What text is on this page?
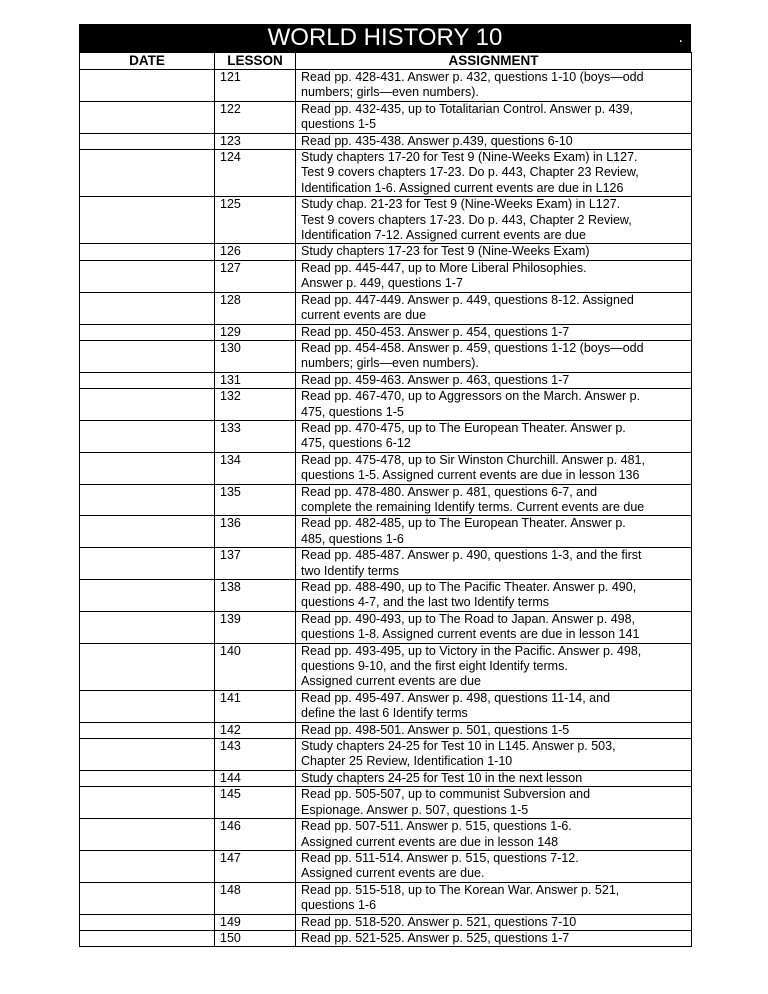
WORLD HISTORY 10	.
DATE	LESSON	ASSIGNMENT
	121	Read pp. 428-431. Answer p. 432, questions 1-10 (boys—odd
numbers; girls—even numbers).

	122	Read pp. 432-435, up to Totalitarian Control. Answer p. 439,
questions 1-5

	123	Read pp. 435-438. Answer p.439, questions 6-10

	124	Study chapters 17-20 for Test 9 (Nine-Weeks Exam) in L127.
Test 9 covers chapters 17-23. Do p. 443, Chapter 23 Review,
Identification 1-6. Assigned current events are due in L126

	125	Study chap. 21-23 for Test 9 (Nine-Weeks Exam) in L127.
Test 9 covers chapters 17-23. Do p. 443, Chapter 2 Review,
Identification 7-12. Assigned current events are due

	126	Study chapters 17-23 for Test 9 (Nine-Weeks Exam)

	127	Read pp. 445-447, up to More Liberal Philosophies.
Answer p. 449, questions 1-7

	128	Read pp. 447-449. Answer p. 449, questions 8-12. Assigned
current events are due

	129	Read pp. 450-453. Answer p. 454, questions 1-7

	130	Read pp. 454-458. Answer p. 459, questions 1-12 (boys—odd
numbers; girls—even numbers).

	131	Read pp. 459-463. Answer p. 463, questions 1-7

	132	Read pp. 467-470, up to Aggressors on the March. Answer p.
475, questions 1-5

	133	Read pp. 470-475, up to The European Theater. Answer p.
475, questions 6-12

	134	Read pp. 475-478, up to Sir Winston Churchill. Answer p. 481,
questions 1-5. Assigned current events are due in lesson 136

	135	Read pp. 478-480. Answer p. 481, questions 6-7, and
complete the remaining Identify terms. Current events are due

	136	Read pp. 482-485, up to The European Theater. Answer p.
485, questions 1-6

	137	Read pp. 485-487. Answer p. 490, questions 1-3, and the first
two Identify terms

	138	Read pp. 488-490, up to The Pacific Theater. Answer p. 490,
questions 4-7, and the last two Identify terms

	139	Read pp. 490-493, up to The Road to Japan. Answer p. 498,
questions 1-8. Assigned current events are due in lesson 141

	140	Read pp. 493-495, up to Victory in the Pacific. Answer p. 498,
questions 9-10, and the first eight Identify terms.
Assigned current events are due

	141	Read pp. 495-497. Answer p. 498, questions 11-14, and
define the last 6 Identify terms

	142	Read pp. 498-501. Answer p. 501, questions 1-5

	143	Study chapters 24-25 for Test 10 in L145. Answer p. 503,
Chapter 25 Review, Identification 1-10

	144	Study chapters 24-25 for Test 10 in the next lesson

	145	Read pp. 505-507, up to communist Subversion and
Espionage. Answer p. 507, questions 1-5

	146	Read pp. 507-511. Answer p. 515, questions 1-6.
Assigned current events are due in lesson 148

	147	Read pp. 511-514. Answer p. 515, questions 7-12.
Assigned current events are due.

	148	Read pp. 515-518, up to The Korean War. Answer p. 521,
questions 1-6

	149	Read pp. 518-520. Answer p. 521, questions 7-10

	150	Read pp. 521-525. Answer p. 525, questions 1-7
